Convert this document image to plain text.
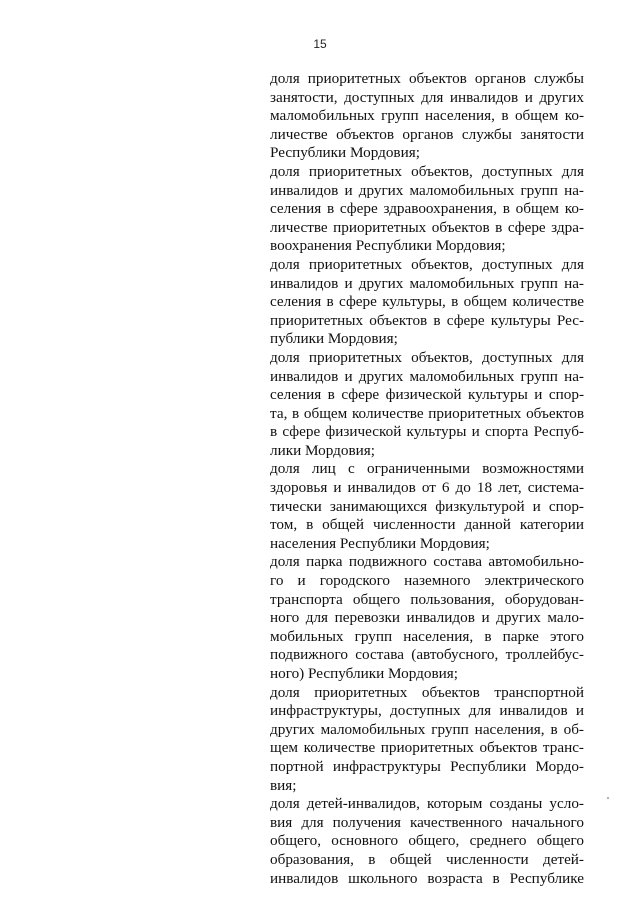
15
доля приоритетных объектов органов службы
занятости, доступных для инвалидов и других
маломобильных групп населения, в общем ко-
личестве объектов органов службы занятости
Республики Мордовия;
доля приоритетных объектов, доступных для
инвалидов и других маломобильных групп на-
селения в сфере здравоохранения, в общем ко-
личестве приоритетных объектов в сфере здра-
воохранения Республики Мордовия;
доля приоритетных объектов, доступных для
инвалидов и других маломобильных групп на-
селения в сфере культуры, в общем количестве
приоритетных объектов в сфере культуры Рес-
публики Мордовия;
доля приоритетных объектов, доступных для
инвалидов и других маломобильных групп на-
селения в сфере физической культуры и спор-
та, в общем количестве приоритетных объектов
в сфере физической культуры и спорта Респуб-
лики Мордовия;
доля лиц с ограниченными возможностями
здоровья и инвалидов от 6 до 18 лет, система-
тически занимающихся физкультурой и спор-
том, в общей численности данной категории
населения Республики Мордовия;
доля парка подвижного состава автомобильно-
го и городского наземного электрического
транспорта общего пользования, оборудован-
ного для перевозки инвалидов и других мало-
мобильных групп населения, в парке этого
подвижного состава (автобусного, троллейбус-
ного) Республики Мордовия;
доля приоритетных объектов транспортной
инфраструктуры, доступных для инвалидов и
других маломобильных групп населения, в об-
щем количестве приоритетных объектов транс-
портной инфраструктуры Республики Мордо-
вия;
доля детей-инвалидов, которым созданы усло-
вия для получения качественного начального
общего, основного общего, среднего общего
образования, в общей численности детей-
инвалидов школьного возраста в Республике
